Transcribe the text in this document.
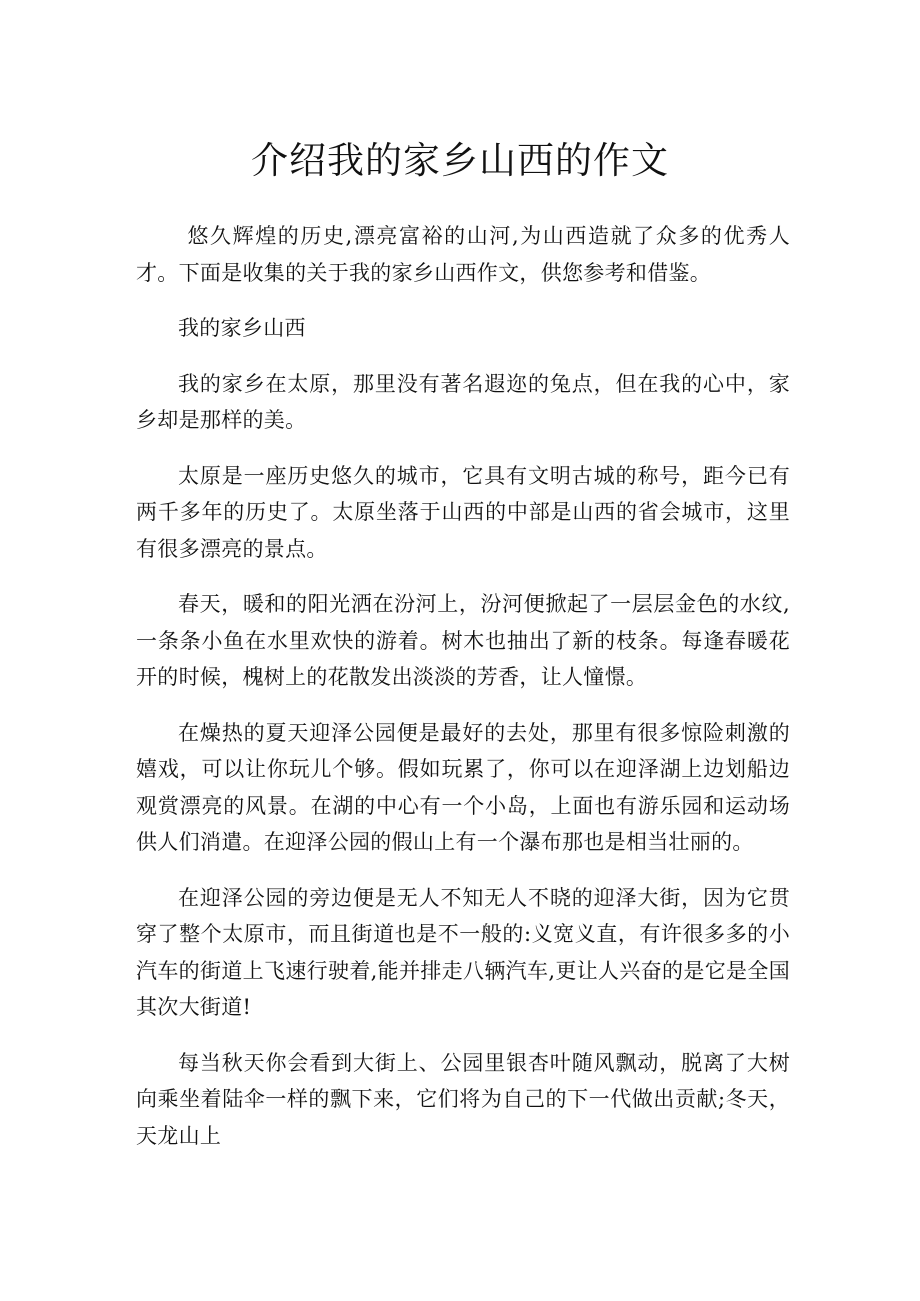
介绍我的家乡山西的作文

悠久辉煌的历史,漂亮富裕的山河,为山西造就了众多的优秀人才。下面是收集的关于我的家乡山西作文，供您参考和借鉴。

我的家乡山西

我的家乡在太原，那里没有著名遐迩的兔点，但在我的心中，家乡却是那样的美。

太原是一座历史悠久的城市，它具有文明古城的称号，距今已有两千多年的历史了。太原坐落于山西的中部是山西的省会城市，这里有很多漂亮的景点。

春天，暖和的阳光洒在汾河上，汾河便掀起了一层层金色的水纹,一条条小鱼在水里欢快的游着。树木也抽出了新的枝条。每逢春暖花开的时候，槐树上的花散发出淡淡的芳香，让人憧憬。

在燥热的夏天迎泽公园便是最好的去处，那里有很多惊险刺激的嬉戏，可以让你玩儿个够。假如玩累了，你可以在迎泽湖上边划船边观赏漂亮的风景。在湖的中心有一个小岛，上面也有游乐园和运动场供人们消遣。在迎泽公园的假山上有一个瀑布那也是相当壮丽的。

在迎泽公园的旁边便是无人不知无人不晓的迎泽大街，因为它贯穿了整个太原市，而且街道也是不一般的:义宽义直，有许很多多的小汽车的街道上飞速行驶着,能并排走八辆汽车,更让人兴奋的是它是全国其次大街道!

每当秋天你会看到大街上、公园里银杏叶随风飘动，脱离了大树向乘坐着陆伞一样的飘下来，它们将为自己的下一代做出贡献;冬天，天龙山上
